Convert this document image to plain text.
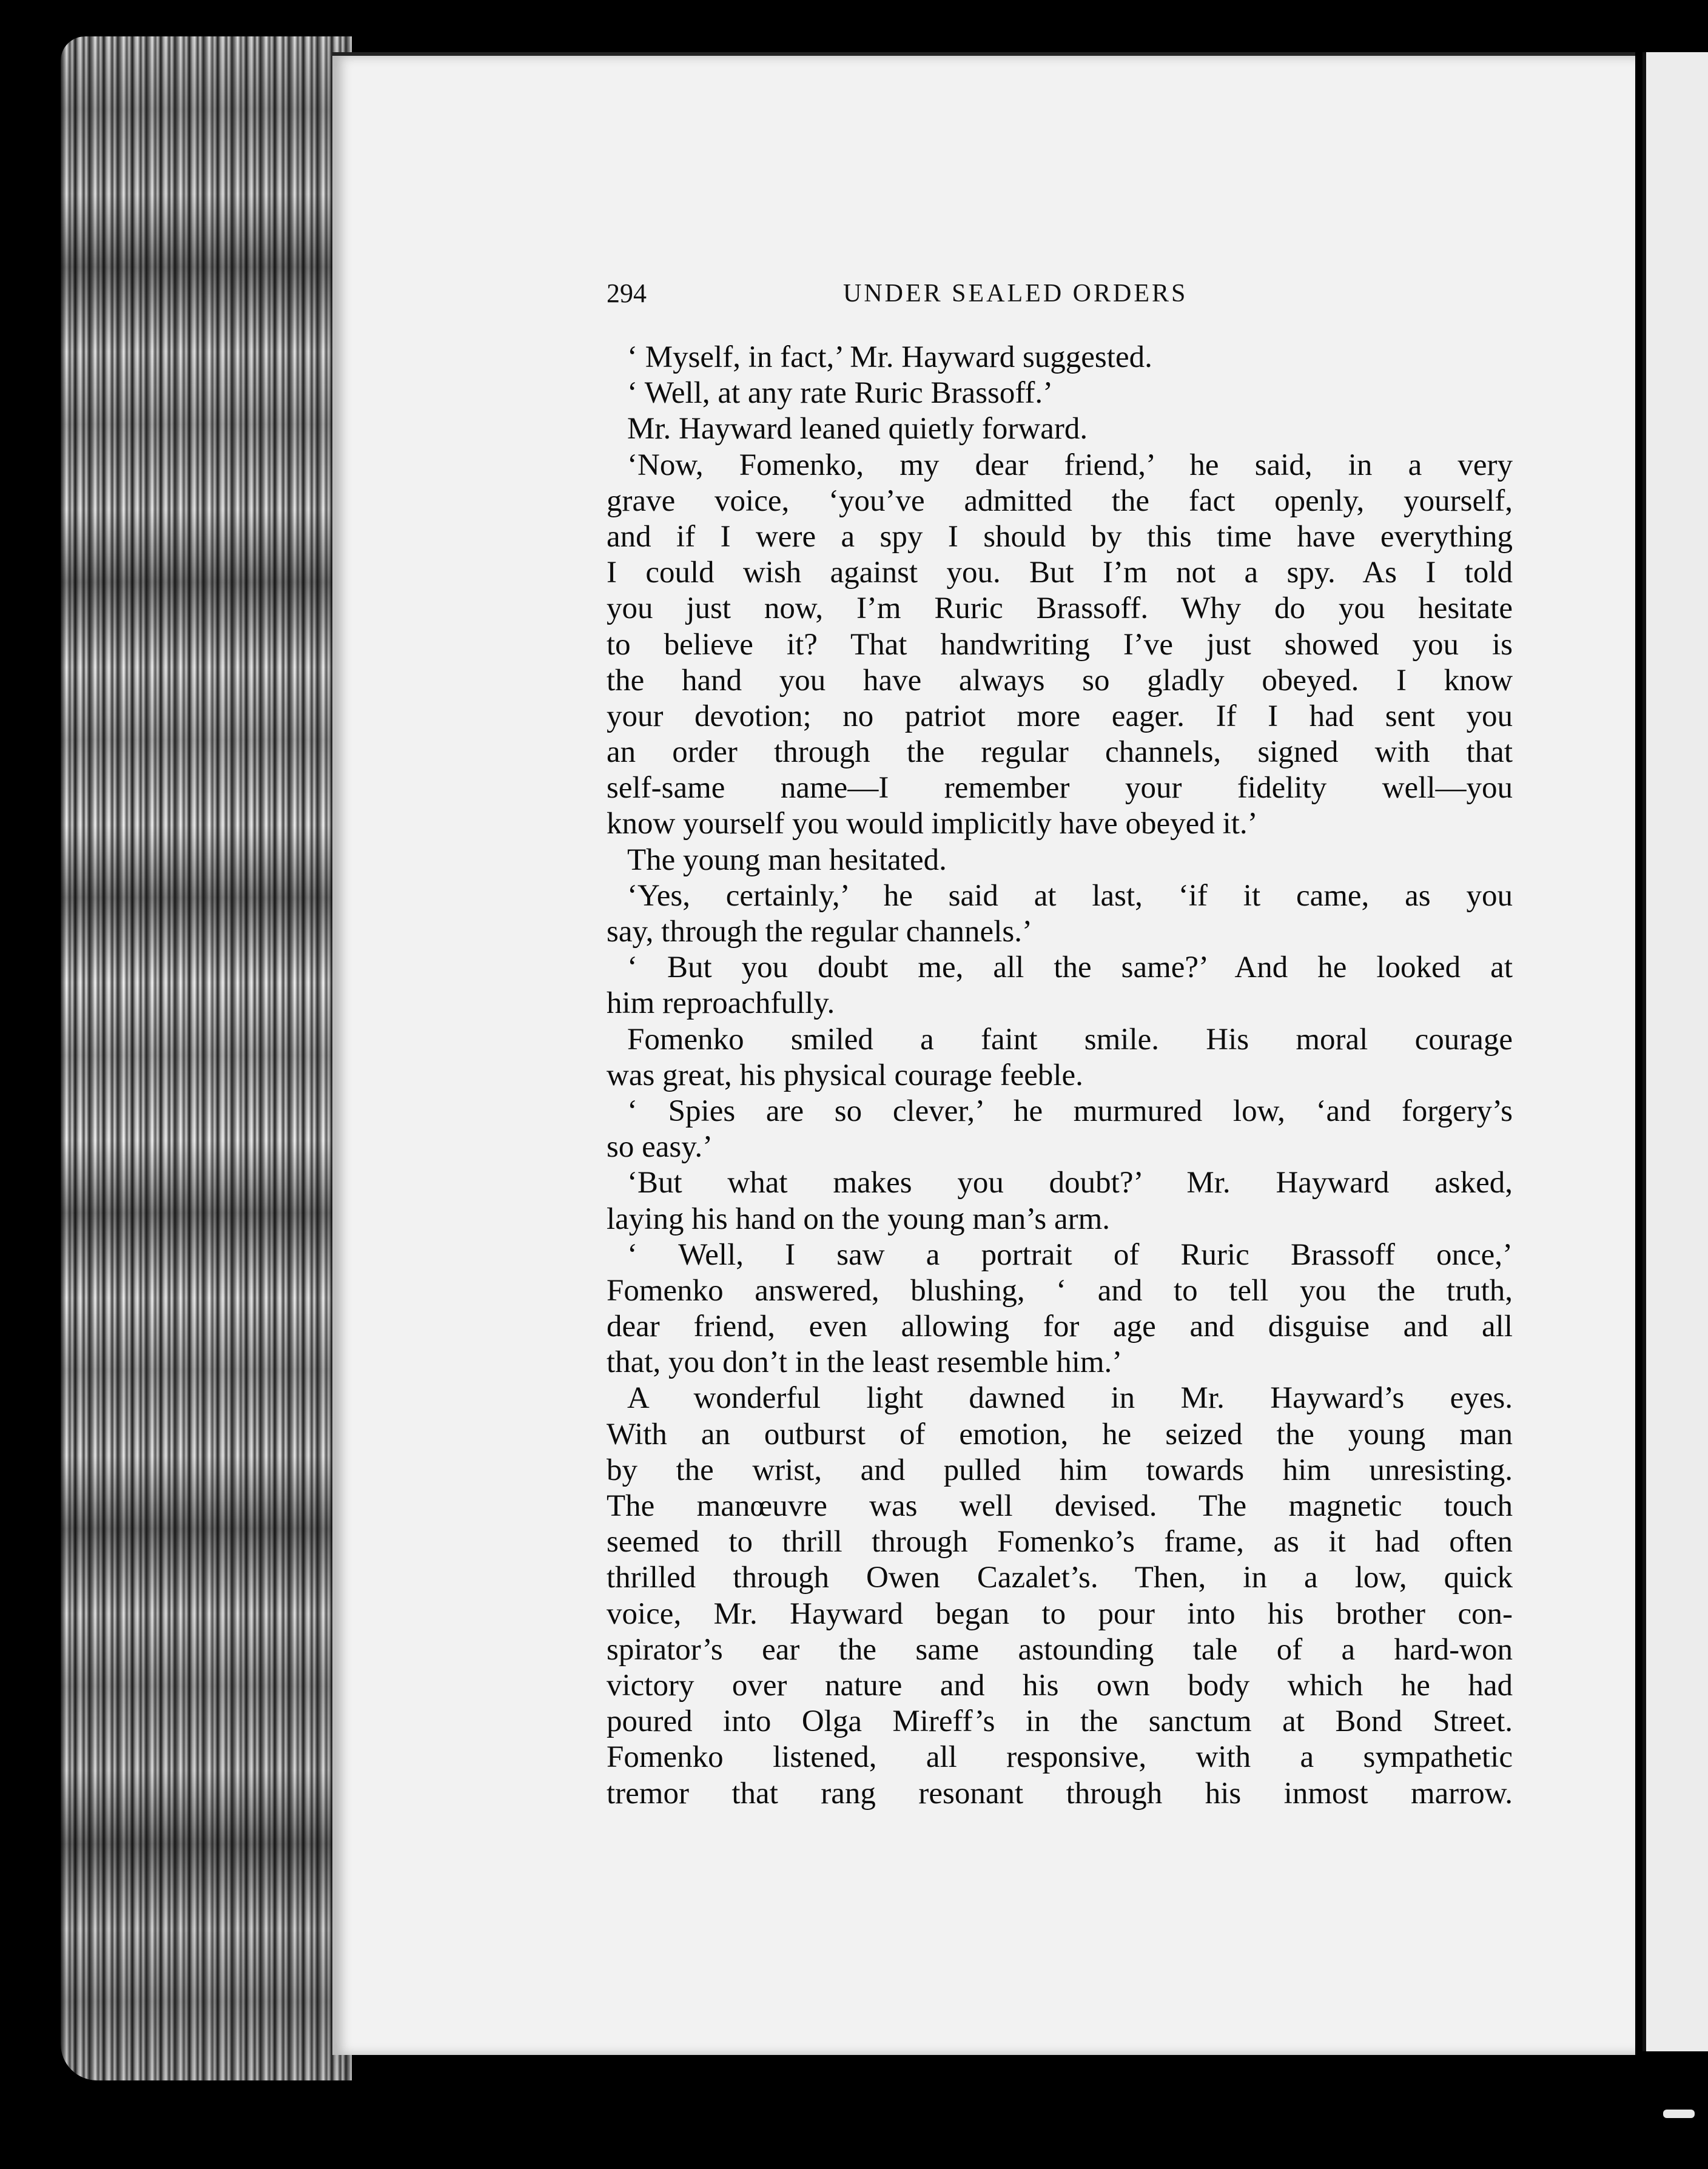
294	UNDER SEALED ORDERS
‘ Myself, in fact,’ Mr. Hayward suggested.
‘ Well, at any rate Ruric Brassoff.’
Mr. Hayward leaned quietly forward.
‘Now, Fomenko, my dear friend,’ he said, in a very
grave voice, ‘you’ve admitted the fact openly, yourself,
and if I were a spy I should by this time have everything
I could wish against you. But I’m not a spy. As I told
you just now, I’m Ruric Brassoff. Why do you hesitate
to believe it? That handwriting I’ve just showed you is
the hand you have always so gladly obeyed. I know
your devotion; no patriot more eager. If I had sent you
an order through the regular channels, signed with that
self-same name—I remember your fidelity well—you
know yourself you would implicitly have obeyed it.’
The young man hesitated.
‘Yes, certainly,’ he said at last, ‘if it came, as you
say, through the regular channels.’
‘ But you doubt me, all the same?’ And he looked at
him reproachfully.
Fomenko smiled a faint smile. His moral courage
was great, his physical courage feeble.
‘ Spies are so clever,’ he murmured low, ‘and forgery’s
so easy.’
‘But what makes you doubt?’ Mr. Hayward asked,
laying his hand on the young man’s arm.
‘ Well, I saw a portrait of Ruric Brassoff once,’
Fomenko answered, blushing, ‘ and to tell you the truth,
dear friend, even allowing for age and disguise and all
that, you don’t in the least resemble him.’
A wonderful light dawned in Mr. Hayward’s eyes.
With an outburst of emotion, he seized the young man
by the wrist, and pulled him towards him unresisting.
The manœuvre was well devised. The magnetic touch
seemed to thrill through Fomenko’s frame, as it had often
thrilled through Owen Cazalet’s. Then, in a low, quick
voice, Mr. Hayward began to pour into his brother con-
spirator’s ear the same astounding tale of a hard-won
victory over nature and his own body which he had
poured into Olga Mireff’s in the sanctum at Bond Street.
Fomenko listened, all responsive, with a sympathetic
tremor that rang resonant through his inmost marrow.
